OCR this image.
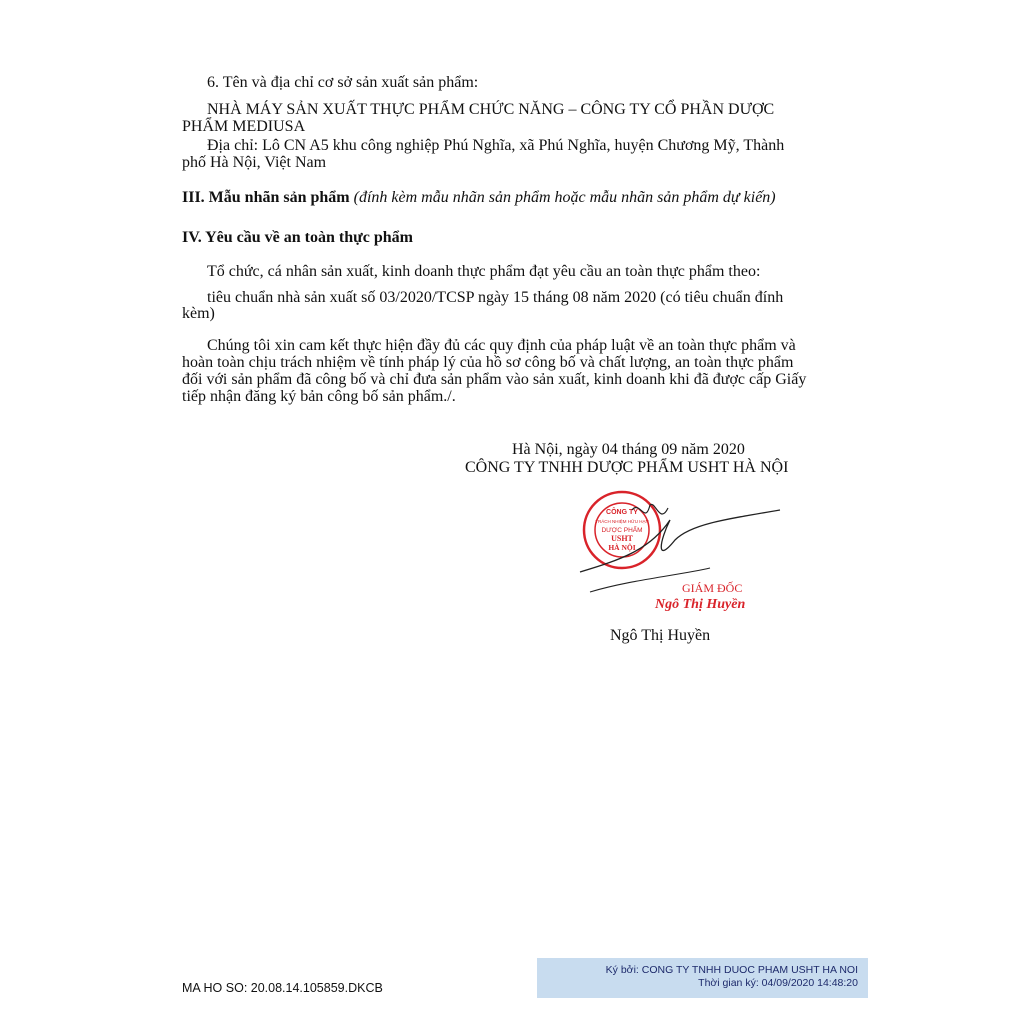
6. Tên và địa chỉ cơ sở sản xuất sản phẩm:
NHÀ MÁY SẢN XUẤT THỰC PHẨM CHỨC NĂNG – CÔNG TY CỔ PHẦN DƯỢC
PHẨM MEDIUSA
Địa chỉ: Lô CN A5 khu công nghiệp Phú Nghĩa, xã Phú Nghĩa, huyện Chương Mỹ, Thành
phố Hà Nội, Việt Nam
III. Mẫu nhãn sản phẩm (đính kèm mẫu nhãn sản phẩm hoặc mẫu nhãn sản phẩm dự kiến)
IV. Yêu cầu về an toàn thực phẩm
Tổ chức, cá nhân sản xuất, kinh doanh thực phẩm đạt yêu cầu an toàn thực phẩm theo:
tiêu chuẩn nhà sản xuất số 03/2020/TCSP ngày 15 tháng 08 năm 2020 (có tiêu chuẩn đính
kèm)
Chúng tôi xin cam kết thực hiện đầy đủ các quy định của pháp luật về an toàn thực phẩm và
hoàn toàn chịu trách nhiệm về tính pháp lý của hồ sơ công bố và chất lượng, an toàn thực phẩm
đối với sản phẩm đã công bố và chỉ đưa sản phẩm vào sản xuất, kinh doanh khi đã được cấp Giấy
tiếp nhận đăng ký bản công bố sản phẩm./.
Hà Nội, ngày 04 tháng 09 năm 2020
CÔNG TY TNHH DƯỢC PHẨM USHT HÀ NỘI
CÔNG TY
TRÁCH NHIỆM HỮU HẠN
DƯỢC PHẨM
USHT
HÀ NỘI
GIÁM ĐỐC
Ngô Thị Huyền
Ngô Thị Huyền
MA HO SO: 20.08.14.105859.DKCB
Ký bởi: CONG TY TNHH DUOC PHAM USHT HA NOI
Thời gian ký: 04/09/2020 14:48:20
